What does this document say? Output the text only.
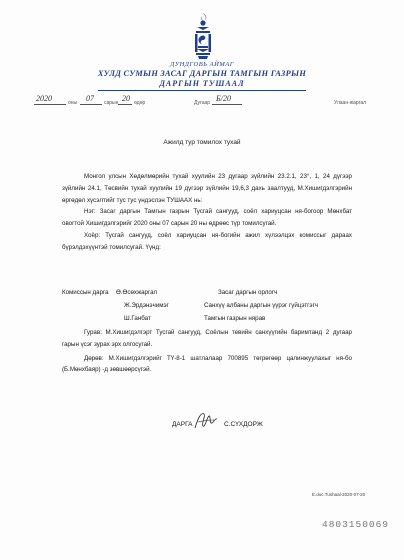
ДУНДГОВЬ АЙМАГ
ХУЛД СУМЫН ЗАСАГ ДАРГЫН ТАМГЫН ГАЗРЫН
ДАРГЫН ТУШААЛ
2020	оны 07 сарын 20 өдөр	Дугаар Б/20	Улаан-жаргал
Ажилд тур томилох тухай

Монгол улсын Хөдөлмөрийн тухай хуулийн 23 дугаар зүйлийн 23.2.1, 23°, 1, 24 дүгээр зүйлийн 24.1, Төсвийн тухай хуулийн 19 дүгээр зүйлийн 19,6,3 дахь заалтууд, М.Хишигдэлгэрийн өргөдөл хүсэлтийг тус тус үндэслэн ТУШААХ нь:

Нэг: Засаг даргын Тамгын газрын Тусгай сангууд, соёл хариуцсан ня-богоор Мөнхбат овогтой Хишигдэлгэрийг 2020 оны 07 сарын 20 ны өдрөөс түр томилсугай.

Хоёр: Тусгай сангууд, соёл хариуцсан ня-богийн ажил хүлээлцэх комиссыг дараах бүрэлдэхүүнтэй томилсугай. Үүнд:

Комиссын дарга Ө.Өсөхжаргал	Засаг даргын орлогч
Ж.Эрдэнэчимэг	Санхүү албаны даргын үүрэг гүйцэтгэгч
Ш.Ганбат	Тамгын газрын нярав

Гурав: М.Хишигдэлгэрт Тусгай сангууд, Соёлын тевийн санхүүгийн баримтанд 2 дугаар гарын үсэг зурах эрх олгосугай.

Дөрөв: М.Хишигдэлгэрийг ТҮ-8-1 шатлалаар 700895 төгрөгөөр цалинжуулахыг ня-бо (Б.Мөнхбаяр) -д зөвшөөрсүгэй.

ДАРГА	С.СҮХДОРЖ
E.doc.Tushaal-2020-07-20
4803150069
